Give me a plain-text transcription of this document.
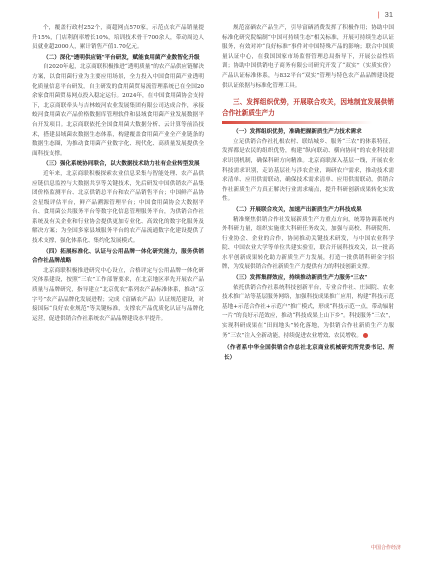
| 31

个，覆盖行政村252个，商超网点570家，示范点农产品销量提升15%，门店利润率增长10%，培训技术骨干700余人，带动周边人员就业超2000人，累计销售产值1.70亿元。

（二）深化“透明供应链”平台研发，赋能食用菌产业数智化升级

自2020年起，北京商联积极推进“透明质量”的农产品供应链解决方案，以食用菌行业为主要应用场景，全力投入中国食用菌产业透明化质量信息平台研发，自主研发的食用菌贸易流管理系统已在全国20余家食用菌贸易网点投入稳定运行。2024年，在中国食用菌协会支持下，北京商联牵头与吉林蛟河农业发展集团有限公司达成合作，承接蛟河食用菌农产品价格数据库管理软件和县域食用菌产业发展数据平台开发项目。北京商联依托全国食用菌大数据分析、云计算等前沿技术，搭建县域菌农数据生态体系，构建覆盖食用菌产业全产业链条的数据生态圈，为推动食用菌产业数字化、现代化、高质量发展提供全面科技支撑。

（三）强化系统协同联合，以大数据技术助力社有企业转型发展

近年来，北京商联积极探索农业信息采集与智能处理、农产品供应链信息监控与大数据共享等关键技术，先后研发中国供销农产品集团价格监测平台、北京供销总平台和农产品销售平台；中国鲜产品协会星级评估平台，鲜产品溯源管理平台；中国食用菌协会大数据平台、食用菌公共服务平台等数字化信息管理服务平台，为供销合作社系统及有关企业和行业协会提供更加专业化、高效化的数字化服务及解决方案；为全国多家县域服务平台的农产品流通数字化建设提供了技术支撑，强化体系化、集约化发展模式。

（四）拓展标准化、认证与公用品牌一体化研究能力，服务供销合作社品牌战略

北京商联积极推进研究中心设立，合格评定与公用品牌一体化研究体系建设，按照“三农”工作部署要求，在北京地区率先开展农产品质量与品牌研究，指导建立“北京优农”系列农产品标准体系，推动“京字号”农产品品牌化发展进程；完成《富硒农产品》认证规范建设，对接国际“良好农业规范”等关键标准，支撑农产品优质化认证与品牌化运营，促进供销合作社系统农产品品牌建设水平提升。

规范富硒农产品生产，引导富硒消费发挥了积极作用；协助中国标准化研究院编制“中国可持续生态”相关标准，开展可持续生态认证服务，有效对冲“良好标准”事件对中国特殊产品的影响；联合中国质量认证中心，在我国国家市场监督管理总局指导下，开展公益性培训；协助中国供销电子商务有限公司研究开发了“双实”（实质实价）产品认证标准体系，与832平台“双实”管理与特色农产品品牌建设提供认证依据与标准化管理工具。

三、发挥组织优势，开展联合攻关，因地制宜发展供销合作社新质生产力
（一）发挥组织优势，准确把握新质生产力技术需求

立足供销合作社扎根农村、联结城乡、服务“三农”的体系特征，发挥都是农民的组织优势，构建“纵向联动、横向协同”的农业科技需求识别机制，确保科研方向精准。北京商联深入基层一线，开展农业科技需求识别，走访基层社与涉农企业，调研农户需求，推动技术需求清单、应用供需联动，确保技术需求清单、应用供需联动，供销合作社新质生产力真正解决行业需求痛点，提升科研创新成果转化实效性。

（二）开展联合攻关，加速产出新质生产力科技成果

精准聚焦供销合作社发展新质生产力重点方向，统筹协调系统内外科研力量，组织实施重大科研任务攻关，加强与高校、科研院所、行业协会、企业的合作，协同推动关键技术研发，与中国农业科学院、中国农业大学等单位共建实验室，联合开展科技攻关，以一批高水平创新成果转化助力新质生产力发展，打造一批供销科研金字招牌，为发展供销合作社新质生产力提供有力的科技创新支撑。

（三）发挥集群效应，持续推动新质生产力服务“三农”

依托供销合作社系统科技创新平台，专业合作社、庄园院、农业技术推广站等基层服务网络，加强科技成果推广应用，构建“科技示范基地+示范合作社+示范户”推广模式，形成“科技示范一点，带动辐射一片”的良好示范效应，推动“科技成果上山下乡”。科技服务“三农”，实现科研成果在“田间地头”转化落地，为供销合作社新质生产力服务“三农”注入全新动能，持续促进农业增效、农民增收。

（作者系中华全国供销合作总社北京商业机械研究所党委书记、所长）
中国合作经济
